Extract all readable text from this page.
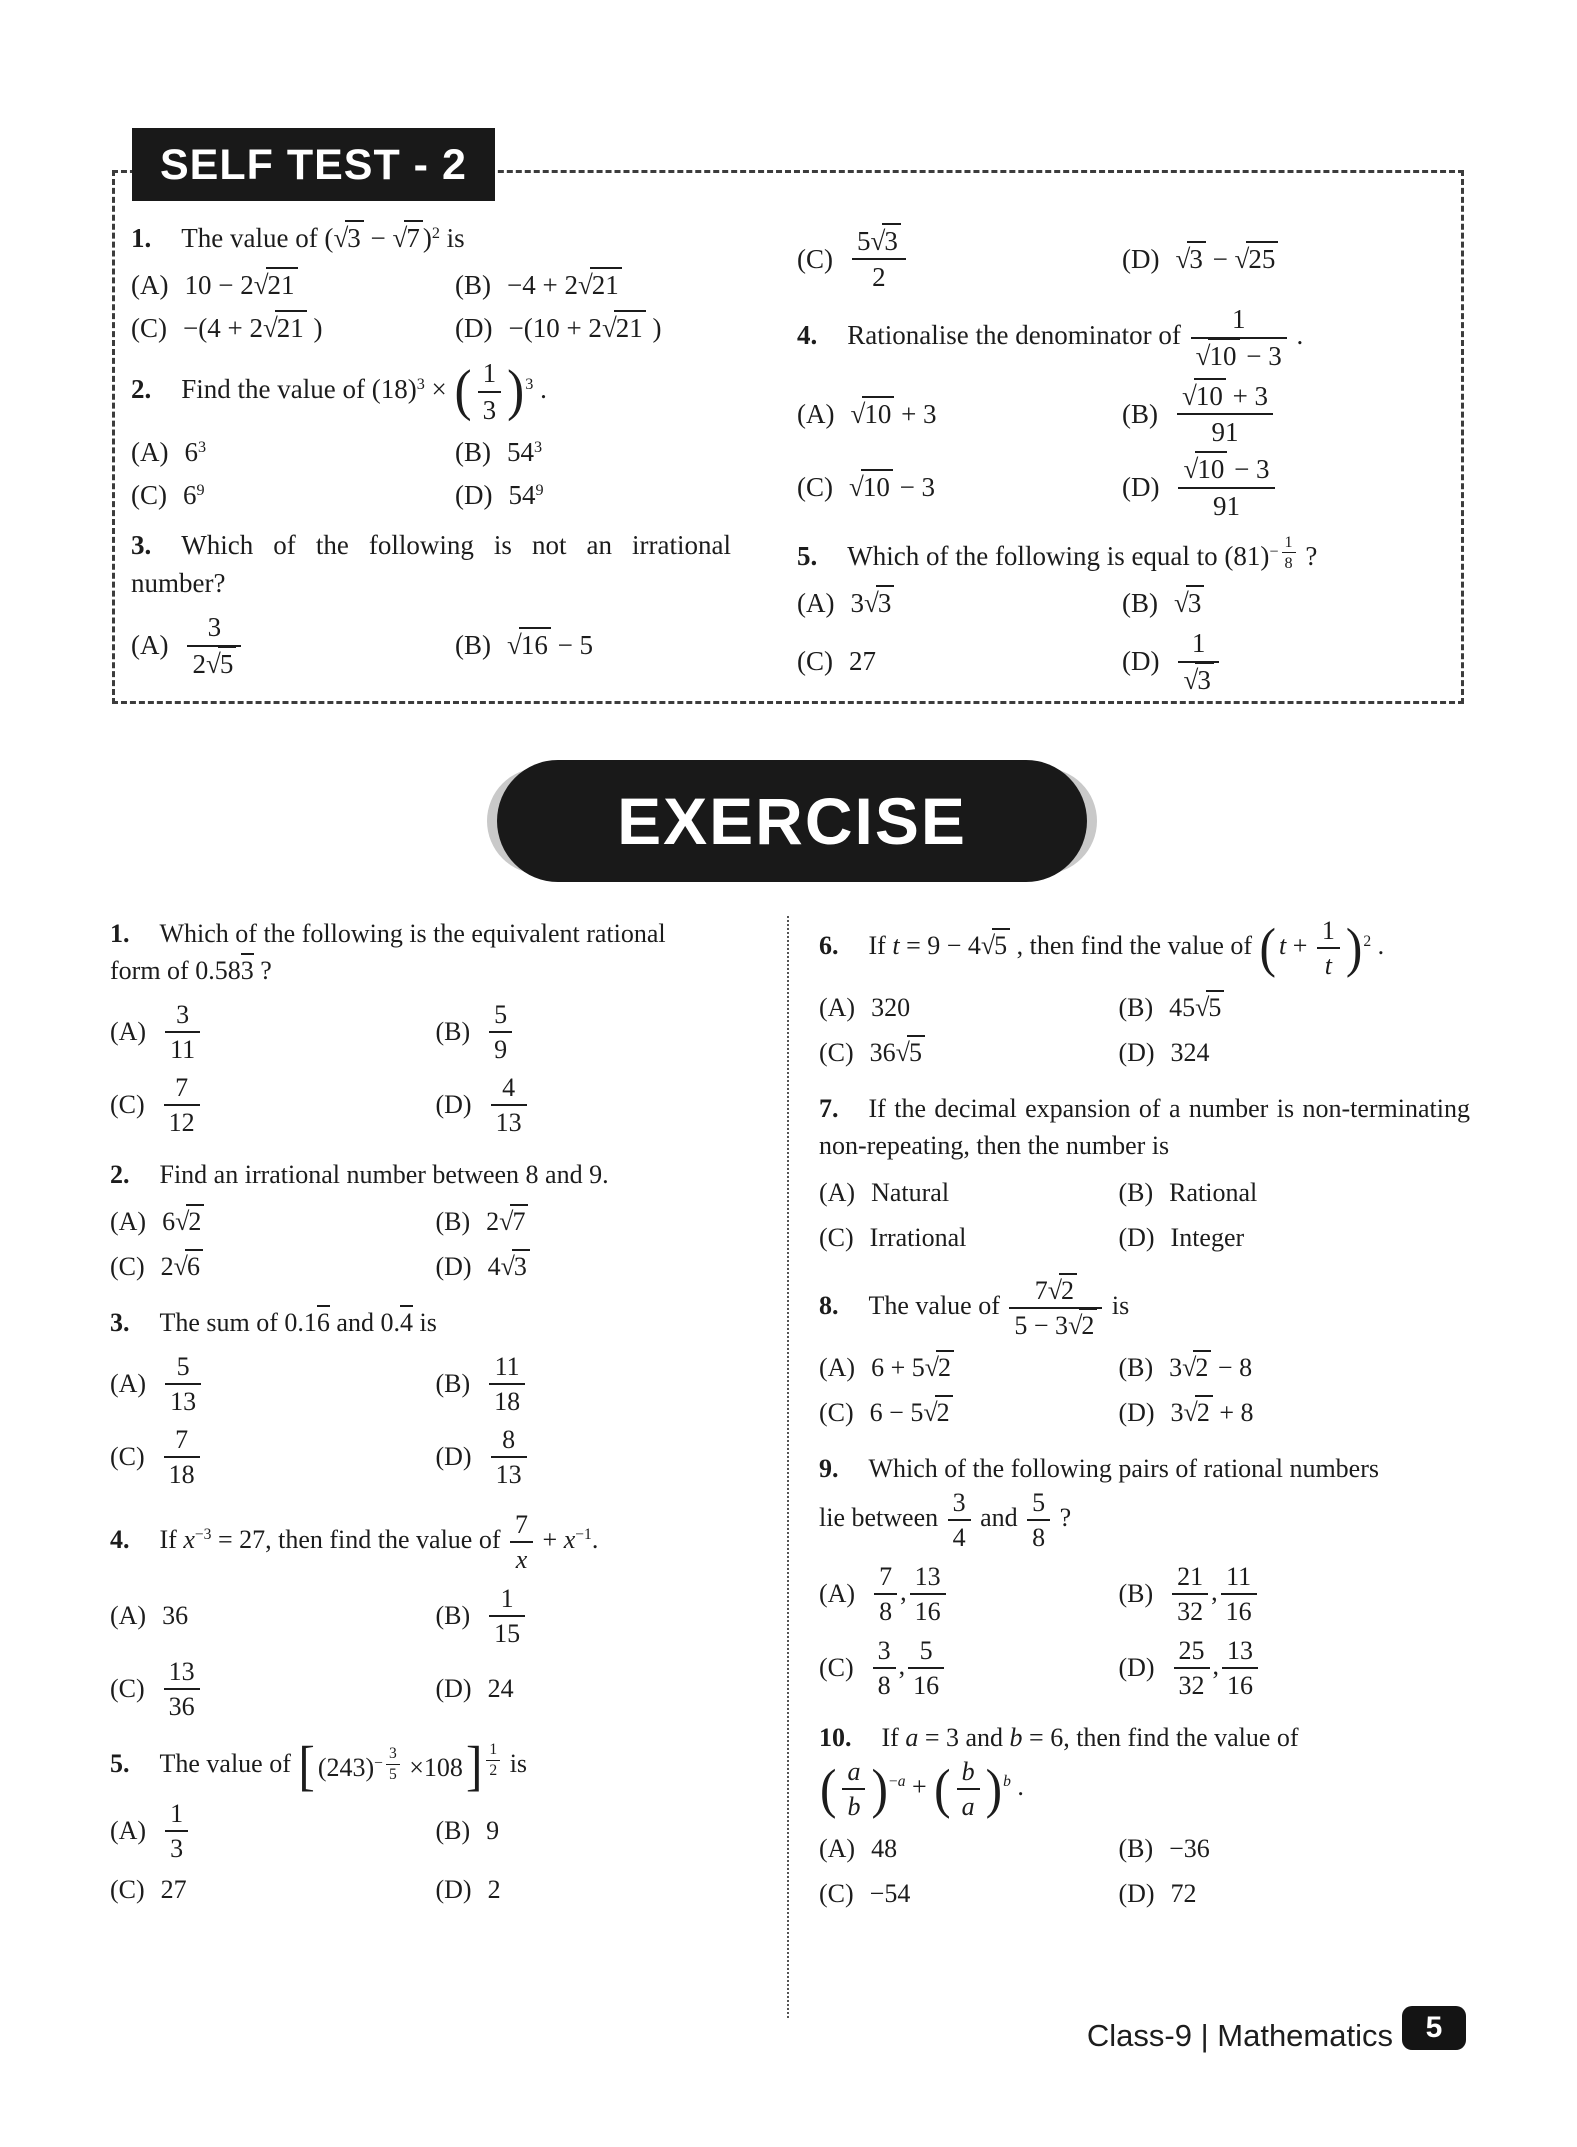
SELF TEST - 2

1. The value of (√3 − √7 )2 is

(A) 10 − 2√21	(B) −4 + 2√21
(C) −(4 + 2√21 )	(D) −(10 + 2√21 )

2. Find the value of (18)3 × ( $\frac{1}{3}$ ) 3 .

(A) 63	(B) 543
(C) 69	(D) 549

3. Which of the following is not an irrational number?

$(A) \frac{3}{2√5}$	(B) √16 − 5
$(C) \frac{5√3}{2}$	(D) √3 − √25

4. Rationalise the denominator of $\frac{1}{√10 - 3}$ .

(A) √10 + 3	$(B) \frac{√10 + 3}{91}$
(C) √10 − 3	$(D) \frac{√10 - 3}{91}$

5. Which of the following is equal to $(81)- \frac{1}{8}$ ?

(A) 3√3	(B) √3
(C) 27	$(D) \frac{1}{√3}$
EXERCISE

1. Which of the following is the equivalent rational
form of 0.583 ?

$(A) \frac{3}{11}$	$(B) \frac{5}{9}$
$(C) \frac{7}{12}$	$(D) \frac{4}{13}$

2. Find an irrational number between 8 and 9.

(A) 6√2	(B) 2√7
(C) 2√6	(D) 4√3

3. The sum of 0.16 and 0.4 is

$(A) \frac{5}{13}$	$(B) \frac{11}{18}$
$(C) \frac{7}{18}$	$(D) \frac{8}{13}$

4. If x−3 = 27, then find the value of $\frac{7}{x} + x-1$.

(A) 36	$(B) \frac{1}{15}$
$(C) \frac{13}{36}$	(D) 24

5. The value of [ $(243)- \frac{3}{5} \times 108$ ] $\frac{1}{2}$ is

$(A) \frac{1}{3}$	(B) 9
(C) 27	(D) 2

6. If t = 9 − 4√5 , then find the value of ( $t + \frac{1}{t}$ ) 2 .

(A) 320	(B) 45√5
(C) 36√5	(D) 324

7. If the decimal expansion of a number is non-terminating non-repeating, then the number is

(A) Natural	(B) Rational
(C) Irrational	(D) Integer

8. The value of $\frac{7√2}{5 - 3√2}$ is

(A) 6 + 5√2	(B) 3√2 − 8
(C) 6 − 5√2	(D) 3√2 + 8

9. Which of the following pairs of rational numbers
lie between $\frac{3}{4}$ and $\frac{5}{8}$ ?

$(A) \frac{7}{8}$ , $\frac{13}{16}$	$(B) \frac{21}{32}$ , $\frac{11}{16}$
$(C) \frac{3}{8}$ , $\frac{5}{16}$	$(D) \frac{25}{32}$ , $\frac{13}{16}$

10. If a = 3 and b = 6, then find the value of

( $\frac{a}{b}$ ) −a + ( $\frac{b}{a}$ ) b .

(A) 48	(B) −36
(C) −54	(D) 72
Class-9 | Mathematics 5
